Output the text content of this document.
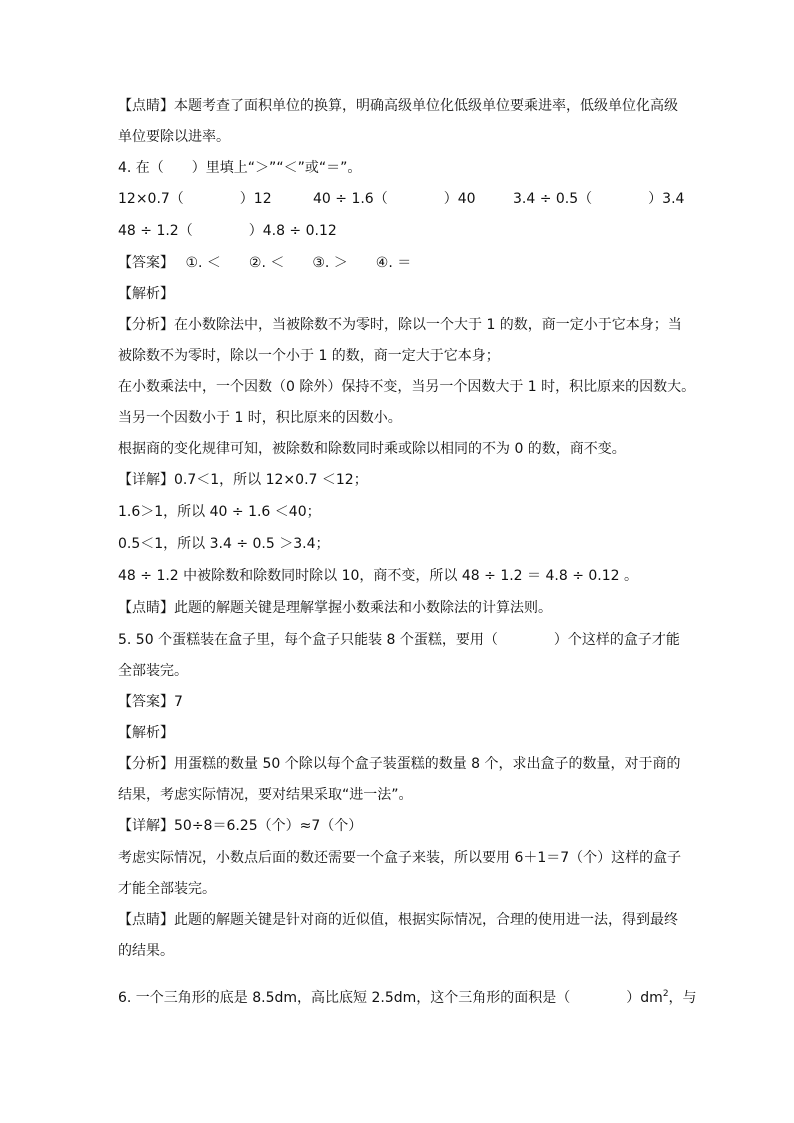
【点睛】本题考查了面积单位的换算，明确高级单位化低级单位要乘进率，低级单位化高级
单位要除以进率。
4. 在（　　）里填上“＞”“＜”或“＝”。
12×0.7（　　　　）12	40 ÷ 1.6（　　　　）40	3.4 ÷ 0.5（　　　　）3.4
48 ÷ 1.2（　　　　）4.8 ÷ 0.12
【答案】　 ①. ＜　　②. ＜　　③. ＞　　④. ＝
【解析】
【分析】在小数除法中，当被除数不为零时，除以一个大于 1 的数，商一定小于它本身；当
被除数不为零时，除以一个小于 1 的数，商一定大于它本身；
在小数乘法中，一个因数（0 除外）保持不变，当另一个因数大于 1 时，积比原来的因数大。
当另一个因数小于 1 时，积比原来的因数小。
根据商的变化规律可知，被除数和除数同时乘或除以相同的不为 0 的数，商不变。
【详解】0.7＜1，所以 12×0.7 ＜12；
1.6＞1，所以 40 ÷ 1.6 ＜40；
0.5＜1，所以 3.4 ÷ 0.5 ＞3.4；
48 ÷ 1.2 中被除数和除数同时除以 10，商不变，所以 48 ÷ 1.2 ＝ 4.8 ÷ 0.12 。
【点睛】此题的解题关键是理解掌握小数乘法和小数除法的计算法则。
5. 50 个蛋糕装在盒子里，每个盒子只能装 8 个蛋糕，要用（　　　　）个这样的盒子才能
全部装完。
【答案】7
【解析】
【分析】用蛋糕的数量 50 个除以每个盒子装蛋糕的数量 8 个，求出盒子的数量，对于商的
结果，考虑实际情况，要对结果采取“进一法”。
【详解】50÷8＝6.25（个）≈7（个）
考虑实际情况，小数点后面的数还需要一个盒子来装，所以要用 6＋1＝7（个）这样的盒子
才能全部装完。
【点睛】此题的解题关键是针对商的近似值，根据实际情况，合理的使用进一法，得到最终
的结果。
6. 一个三角形的底是 8.5dm，高比底短 2.5dm，这个三角形的面积是（　　　　）$dm^2$，与
